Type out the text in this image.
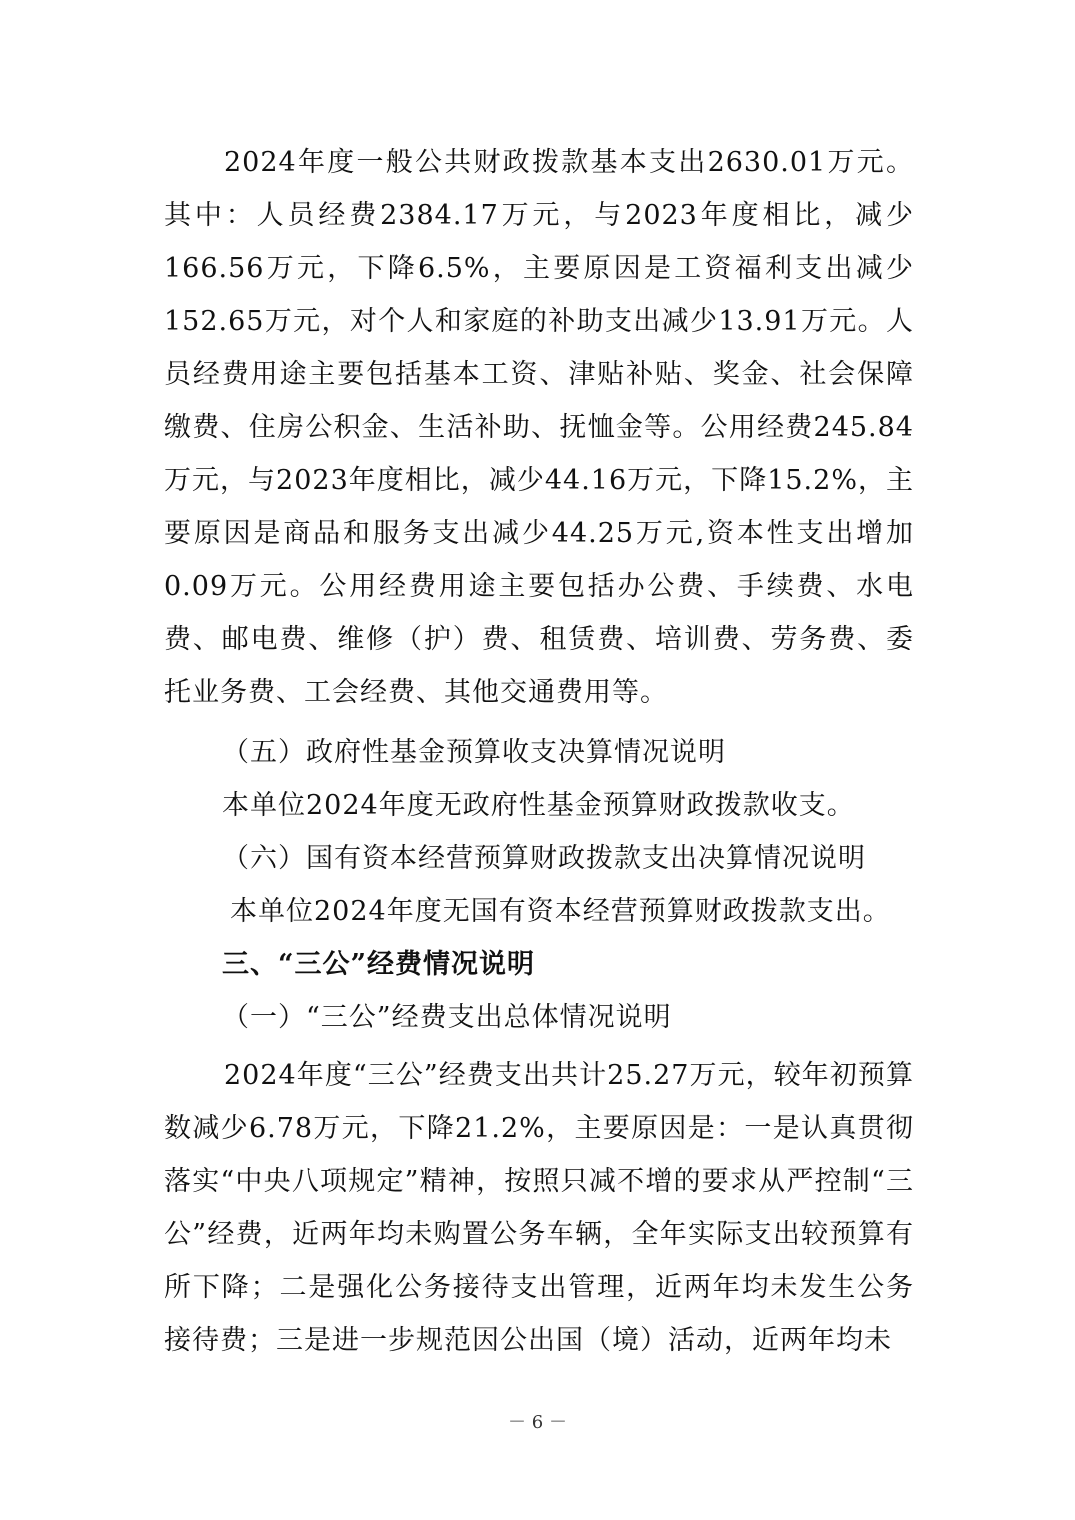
2024年度一般公共财政拨款基本支出2630.01万元。其中：人员经费2384.17万元，与2023年度相比，减少166.56万元，下降6.5%，主要原因是工资福利支出减少152.65万元，对个人和家庭的补助支出减少13.91万元。人员经费用途主要包括基本工资、津贴补贴、奖金、社会保障缴费、住房公积金、生活补助、抚恤金等。公用经费245.84万元，与2023年度相比，减少44.16万元，下降15.2%，主要原因是商品和服务支出减少44.25万元,资本性支出增加0.09万元。公用经费用途主要包括办公费、手续费、水电费、邮电费、维修（护）费、租赁费、培训费、劳务费、委托业务费、工会经费、其他交通费用等。

（五）政府性基金预算收支决算情况说明

本单位2024年度无政府性基金预算财政拨款收支。

（六）国有资本经营预算财政拨款支出决算情况说明

本单位2024年度无国有资本经营预算财政拨款支出。

三、“三公”经费情况说明

（一）“三公”经费支出总体情况说明

2024年度“三公”经费支出共计25.27万元，较年初预算数减少6.78万元，下降21.2%，主要原因是：一是认真贯彻落实“中央八项规定”精神，按照只减不增的要求从严控制“三公”经费，近两年均未购置公务车辆，全年实际支出较预算有所下降；二是强化公务接待支出管理，近两年均未发生公务接待费；三是进一步规范因公出国（境）活动，近两年均未

－ 6 －
